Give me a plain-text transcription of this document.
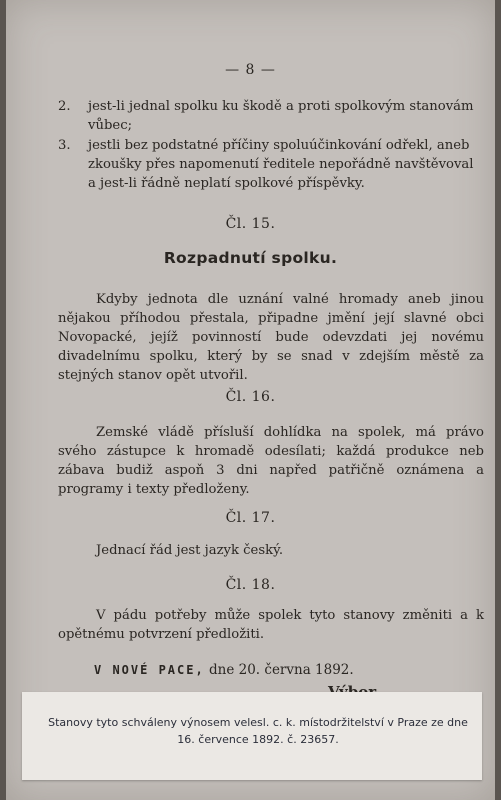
— 8 —
2. jest-li jednal spolku ku škodě a proti spolkovým stanovám vůbec;
3. jestli bez podstatné příčiny spoluúčinkování odřekl, aneb zkoušky přes napomenutí ředitele nepořádně navštěvoval a jest-li řádně neplatí spolkové příspěvky.
Čl. 15.
Rozpadnutí spolku.
Kdyby jednota dle uznání valné hromady aneb jinou nějakou příhodou přestala, připadne jmění její slavné obci Novopacké, jejíž povinností bude odevzdati jej novému divadelnímu spolku, který by se snad v zdejším městě za stejných stanov opět utvořil.
Čl. 16.
Zemské vládě přísluší dohlídka na spolek, má právo svého zástupce k hromadě odesílati; každá produkce neb zábava budiž aspoň 3 dni napřed patřičně oznámena a programy i texty předloženy.
Čl. 17.
Jednací řád jest jazyk český.
Čl. 18.
V pádu potřeby může spolek tyto stanovy změniti a k opětnému potvrzení předložiti.
V NOVÉ PACE, dne 20. června 1892.
Stanovy tyto schváleny výnosem velesl. c. k. místodržitelství v Praze ze dne 16. července 1892. č. 23657.
